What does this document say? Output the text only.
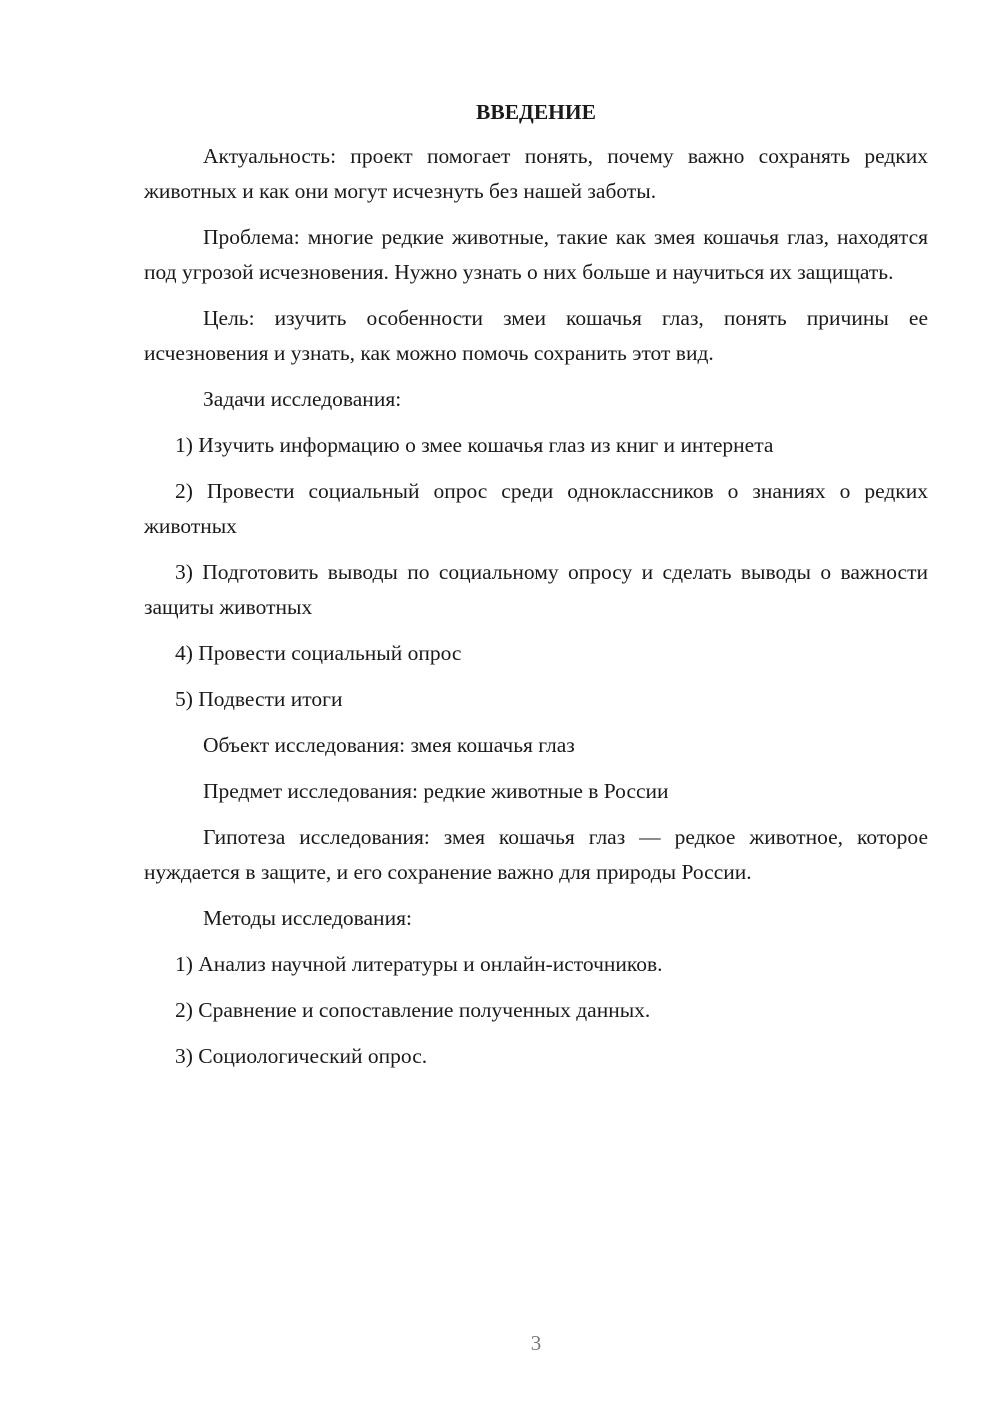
ВВЕДЕНИЕ

Актуальность: проект помогает понять, почему важно сохранять редких животных и как они могут исчезнуть без нашей заботы.

Проблема: многие редкие животные, такие как змея кошачья глаз, находятся под угрозой исчезновения. Нужно узнать о них больше и научиться их защищать.

Цель: изучить особенности змеи кошачья глаз, понять причины ее исчезновения и узнать, как можно помочь сохранить этот вид.

Задачи исследования:

1) Изучить информацию о змее кошачья глаз из книг и интернета

2) Провести социальный опрос среди одноклассников о знаниях о редких животных

3) Подготовить выводы по социальному опросу и сделать выводы о важности защиты животных

4) Провести социальный опрос

5) Подвести итоги

Объект исследования: змея кошачья глаз

Предмет исследования: редкие животные в России

Гипотеза исследования: змея кошачья глаз — редкое животное, которое нуждается в защите, и его сохранение важно для природы России.

Методы исследования:

1) Анализ научной литературы и онлайн-источников.

2) Сравнение и сопоставление полученных данных.

3) Социологический опрос.

3
